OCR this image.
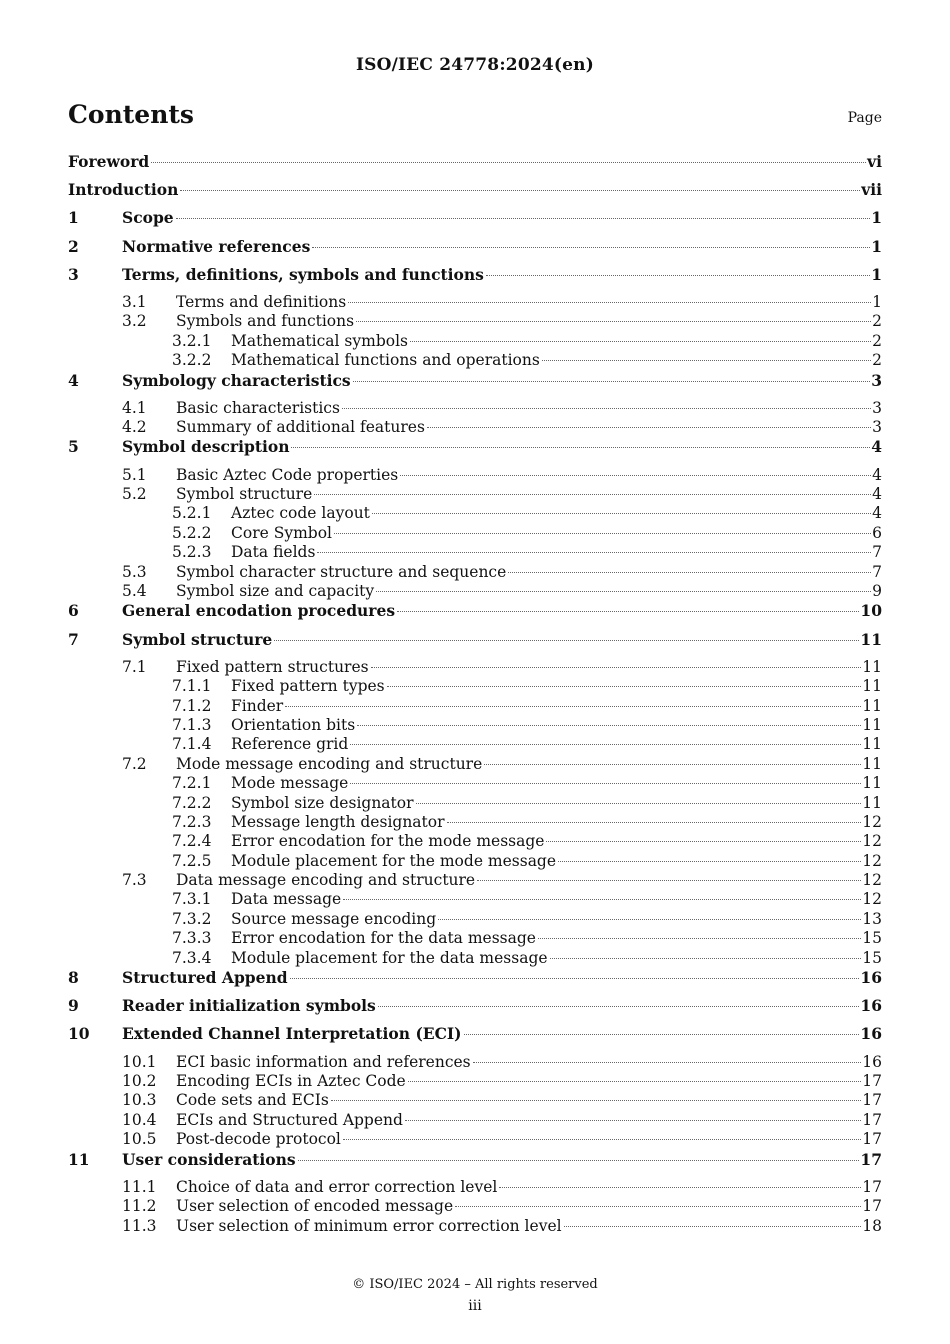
ISO/IEC 24778:2024(en)
Contents	Page
Foreword	vi
Introduction	vii
1	Scope	1
2	Normative references	1
3	Terms, definitions, symbols and functions	1
3.1 Terms and definitions	1
3.2 Symbols and functions	2
3.2.1 Mathematical symbols	2
3.2.2 Mathematical functions and operations	2
4	Symbology characteristics	3
4.1 Basic characteristics	3
4.2 Summary of additional features	3
5	Symbol description	4
5.1 Basic Aztec Code properties	4
5.2 Symbol structure	4
5.2.1 Aztec code layout	4
5.2.2 Core Symbol	6
5.2.3 Data fields	7
5.3 Symbol character structure and sequence	7
5.4 Symbol size and capacity	9
6	General encodation procedures	10
7	Symbol structure	11
7.1 Fixed pattern structures	11
7.1.1 Fixed pattern types	11
7.1.2 Finder	11
7.1.3 Orientation bits	11
7.1.4 Reference grid	11
7.2 Mode message encoding and structure	11
7.2.1 Mode message	11
7.2.2 Symbol size designator	11
7.2.3 Message length designator	12
7.2.4 Error encodation for the mode message	12
7.2.5 Module placement for the mode message	12
7.3 Data message encoding and structure	12
7.3.1 Data message	12
7.3.2 Source message encoding	13
7.3.3 Error encodation for the data message	15
7.3.4 Module placement for the data message	15
8	Structured Append	16
9	Reader initialization symbols	16
10 Extended Channel Interpretation (ECI)	16
10.1 ECI basic information and references	16
10.2 Encoding ECIs in Aztec Code	17
10.3 Code sets and ECIs	17
10.4 ECIs and Structured Append	17
10.5 Post-decode protocol	17
11 User considerations	17
11.1 Choice of data and error correction level	17
11.2 User selection of encoded message	17
11.3 User selection of minimum error correction level	18
© ISO/IEC 2024 – All rights reserved
iii
